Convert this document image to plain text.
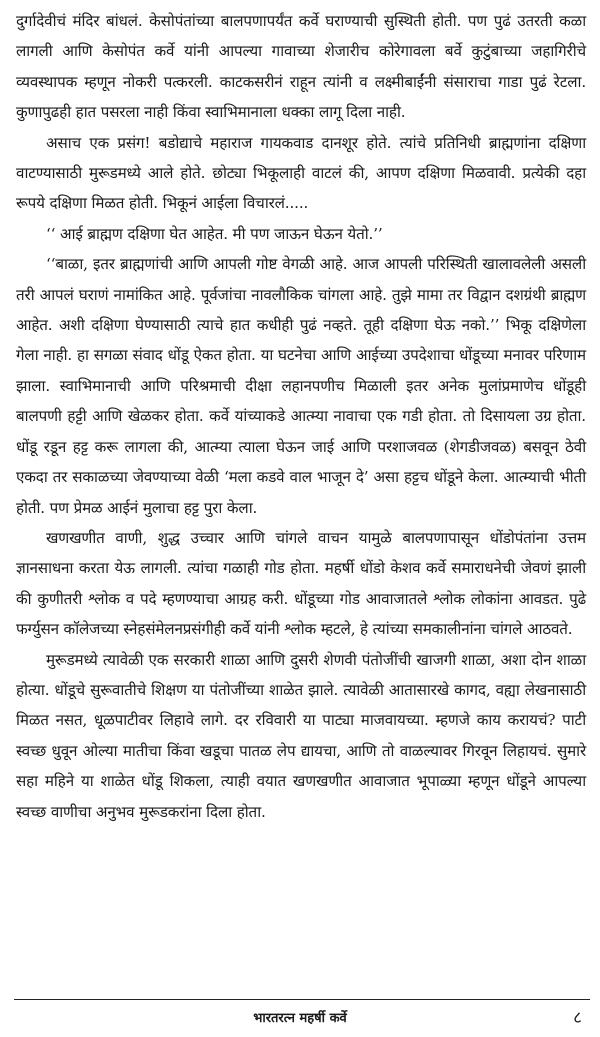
दुर्गादेवीचं मंदिर बांधलं. केसोपंतांच्या बालपणापर्यंत कर्वे घराण्याची सुस्थिती होती. पण पुढं उतरती कळा लागली आणि केसोपंत कर्वे यांनी आपल्या गावाच्या शेजारीच कोरेगावला बर्वे कुटुंबाच्या जहागिरीचे व्यवस्थापक म्हणून नोकरी पत्करली. काटकसरीनं राहून त्यांनी व लक्ष्मीबाईंनी संसाराचा गाडा पुढं रेटला. कुणापुढही हात पसरला नाही किंवा स्वाभिमानाला धक्का लागू दिला नाही.

असाच एक प्रसंग! बडोद्याचे महाराज गायकवाड दानशूर होते. त्यांचे प्रतिनिधी ब्राह्मणांना दक्षिणा वाटण्यासाठी मुरूडमध्ये आले होते. छोट्या भिकूलाही वाटलं की, आपण दक्षिणा मिळवावी. प्रत्येकी दहा रूपये दक्षिणा मिळत होती. भिकूनं आईला विचारलं.....

‘‘ आई ब्राह्मण दक्षिणा घेत आहेत. मी पण जाऊन घेऊन येतो.’’

‘‘बाळा, इतर ब्राह्मणांची आणि आपली गोष्ट वेगळी आहे. आज आपली परिस्थिती खालावलेली असली तरी आपलं घराणं नामांकित आहे. पूर्वजांचा नावलौकिक चांगला आहे. तुझे मामा तर विद्वान दशग्रंथी ब्राह्मण आहेत. अशी दक्षिणा घेण्यासाठी त्याचे हात कधीही पुढं नव्हते. तूही दक्षिणा घेऊ नको.’’ भिकू दक्षिणेला गेला नाही. हा सगळा संवाद धोंडू ऐकत होता. या घटनेचा आणि आईच्या उपदेशाचा धोंडूच्या मनावर परिणाम झाला. स्वाभिमानाची आणि परिश्रमाची दीक्षा लहानपणीच मिळाली इतर अनेक मुलांप्रमाणेच धोंडूही बालपणी हट्टी आणि खेळकर होता. कर्वे यांच्याकडे आत्म्या नावाचा एक गडी होता. तो दिसायला उग्र होता. धोंडू रडून हट्ट करू लागला की, आत्म्या त्याला घेऊन जाई आणि परशाजवळ (शेगडीजवळ) बसवून ठेवी एकदा तर सकाळच्या जेवण्याच्या वेळी ‘मला कडवे वाल भाजून दे’ असा हट्टच धोंडूने केला. आत्म्याची भीती होती. पण प्रेमळ आईनं मुलाचा हट्ट पुरा केला.

खणखणीत वाणी, शुद्ध उच्चार आणि चांगले वाचन यामुळे बालपणापासून धोंडोपंतांना उत्तम ज्ञानसाधना करता येऊ लागली. त्यांचा गळाही गोड होता. महर्षी धोंडो केशव कर्वे समाराधनेची जेवणं झाली की कुणीतरी श्लोक व पदे म्हणण्याचा आग्रह करी. धोंडूच्या गोड आवाजातले श्लोक लोकांना आवडत. पुढे फर्ग्युसन कॉलेजच्या स्नेहसंमेलनप्रसंगीही कर्वे यांनी श्लोक म्हटले, हे त्यांच्या समकालीनांना चांगले आठवते.

मुरूडमध्ये त्यावेळी एक सरकारी शाळा आणि दुसरी शेणवी पंतोजींची खाजगी शाळा, अशा दोन शाळा होत्या. धोंडूचे सुरूवातीचे शिक्षण या पंतोजींच्या शाळेत झाले. त्यावेळी आतासारखे कागद, वह्या लेखनासाठी मिळत नसत, धूळपाटीवर लिहावे लागे. दर रविवारी या पाट्या माजवायच्या. म्हणजे काय करायचं? पाटी स्वच्छ धुवून ओल्या मातीचा किंवा खडूचा पातळ लेप द्यायचा, आणि तो वाळल्यावर गिरवून लिहायचं. सुमारे सहा महिने या शाळेत धोंडू शिकला, त्याही वयात खणखणीत आवाजात भूपाळ्या म्हणून धोंडूने आपल्या स्वच्छ वाणीचा अनुभव मुरूडकरांना दिला होता.

भारतरत्न महर्षी कर्वे	८
